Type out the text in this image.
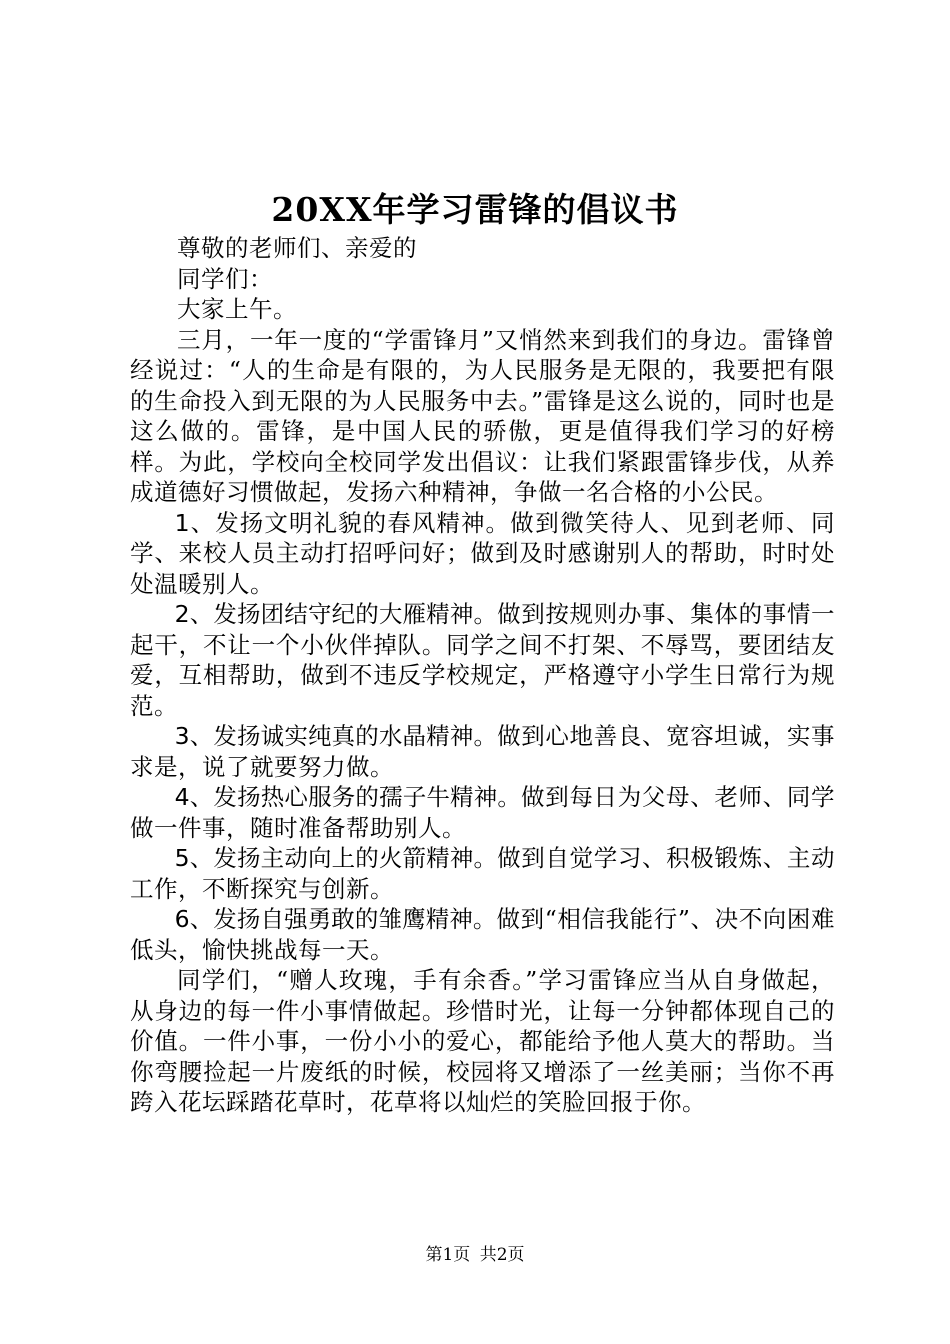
20XX年学习雷锋的倡议书

尊敬的老师们、亲爱的

同学们：

大家上午。

三月，一年一度的“学雷锋月”又悄然来到我们的身边。雷锋曾经说过：“人的生命是有限的，为人民服务是无限的，我要把有限的生命投入到无限的为人民服务中去。”雷锋是这么说的，同时也是这么做的。雷锋，是中国人民的骄傲，更是值得我们学习的好榜样。为此，学校向全校同学发出倡议：让我们紧跟雷锋步伐，从养成道德好习惯做起，发扬六种精神，争做一名合格的小公民。

1、发扬文明礼貌的春风精神。做到微笑待人、见到老师、同学、来校人员主动打招呼问好；做到及时感谢别人的帮助，时时处处温暖别人。

2、发扬团结守纪的大雁精神。做到按规则办事、集体的事情一起干，不让一个小伙伴掉队。同学之间不打架、不辱骂，要团结友爱，互相帮助，做到不违反学校规定，严格遵守小学生日常行为规范。

3、发扬诚实纯真的水晶精神。做到心地善良、宽容坦诚，实事求是，说了就要努力做。

4、发扬热心服务的孺子牛精神。做到每日为父母、老师、同学做一件事，随时准备帮助别人。

5、发扬主动向上的火箭精神。做到自觉学习、积极锻炼、主动工作，不断探究与创新。

6、发扬自强勇敢的雏鹰精神。做到“相信我能行”、决不向困难低头，愉快挑战每一天。

同学们，“赠人玫瑰，手有余香。”学习雷锋应当从自身做起，从身边的每一件小事情做起。珍惜时光，让每一分钟都体现自己的价值。一件小事，一份小小的爱心，都能给予他人莫大的帮助。当你弯腰捡起一片废纸的时候，校园将又增添了一丝美丽；当你不再跨入花坛踩踏花草时，花草将以灿烂的笑脸回报于你。

第1页 共2页
